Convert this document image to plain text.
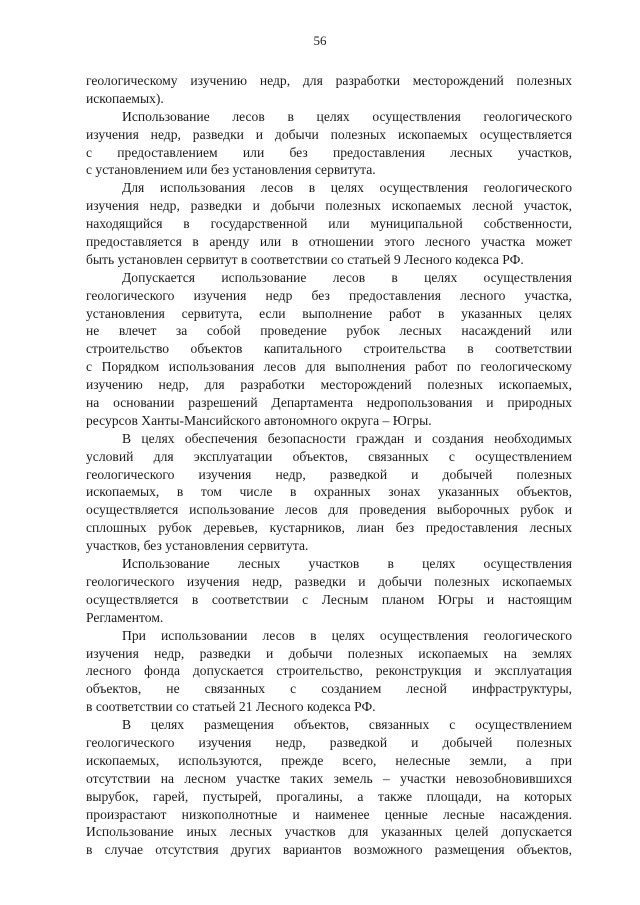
56
геологическому изучению недр, для разработки месторождений полезных
ископаемых).
Использование лесов в целях осуществления геологического
изучения недр, разведки и добычи полезных ископаемых осуществляется
с предоставлением или без предоставления лесных участков,
с установлением или без установления сервитута.
Для использования лесов в целях осуществления геологического
изучения недр, разведки и добычи полезных ископаемых лесной участок,
находящийся в государственной или муниципальной собственности,
предоставляется в аренду или в отношении этого лесного участка может
быть установлен сервитут в соответствии со статьей 9 Лесного кодекса РФ.
Допускается использование лесов в целях осуществления
геологического изучения недр без предоставления лесного участка,
установления сервитута, если выполнение работ в указанных целях
не влечет за собой проведение рубок лесных насаждений или
строительство объектов капитального строительства в соответствии
с Порядком использования лесов для выполнения работ по геологическому
изучению недр, для разработки месторождений полезных ископаемых,
на основании разрешений Департамента недропользования и природных
ресурсов Ханты-Мансийского автономного округа – Югры.
В целях обеспечения безопасности граждан и создания необходимых
условий для эксплуатации объектов, связанных с осуществлением
геологического изучения недр, разведкой и добычей полезных
ископаемых, в том числе в охранных зонах указанных объектов,
осуществляется использование лесов для проведения выборочных рубок и
сплошных рубок деревьев, кустарников, лиан без предоставления лесных
участков, без установления сервитута.
Использование лесных участков в целях осуществления
геологического изучения недр, разведки и добычи полезных ископаемых
осуществляется в соответствии с Лесным планом Югры и настоящим
Регламентом.
При использовании лесов в целях осуществления геологического
изучения недр, разведки и добычи полезных ископаемых на землях
лесного фонда допускается строительство, реконструкция и эксплуатация
объектов, не связанных с созданием лесной инфраструктуры,
в соответствии со статьей 21 Лесного кодекса РФ.
В целях размещения объектов, связанных с осуществлением
геологического изучения недр, разведкой и добычей полезных
ископаемых, используются, прежде всего, нелесные земли, а при
отсутствии на лесном участке таких земель – участки невозобновившихся
вырубок, гарей, пустырей, прогалины, а также площади, на которых
произрастают низкополнотные и наименее ценные лесные насаждения.
Использование иных лесных участков для указанных целей допускается
в случае отсутствия других вариантов возможного размещения объектов,
